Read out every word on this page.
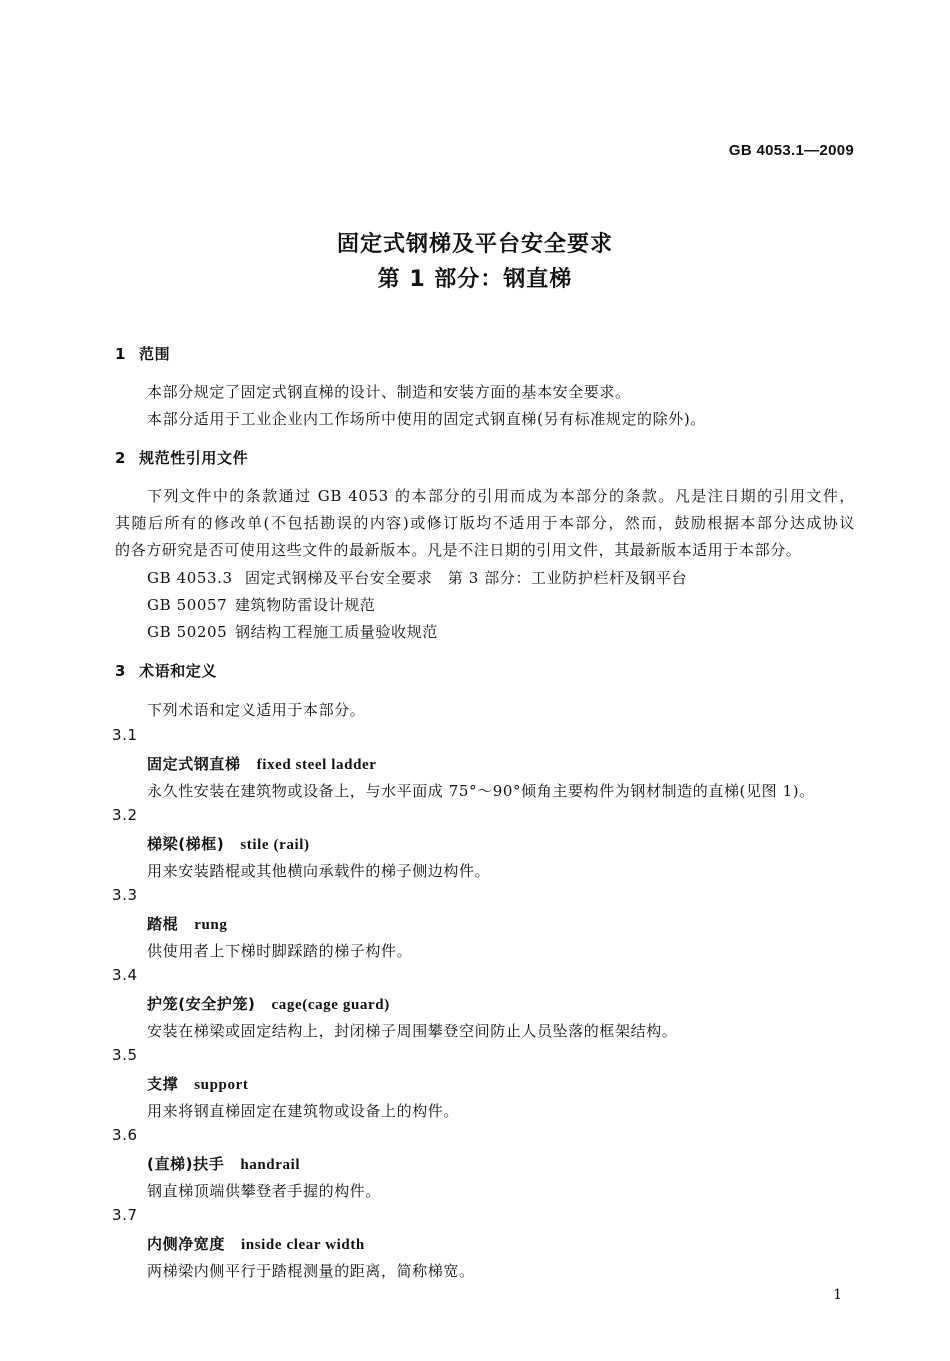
GB 4053.1—2009
固定式钢梯及平台安全要求
第 1 部分：钢直梯
1 范围
本部分规定了固定式钢直梯的设计、制造和安装方面的基本安全要求。
本部分适用于工业企业内工作场所中使用的固定式钢直梯(另有标准规定的除外)。
2 规范性引用文件
下列文件中的条款通过 GB 4053 的本部分的引用而成为本部分的条款。凡是注日期的引用文件，
其随后所有的修改单(不包括勘误的内容)或修订版均不适用于本部分，然而，鼓励根据本部分达成协议
的各方研究是否可使用这些文件的最新版本。凡是不注日期的引用文件，其最新版本适用于本部分。
GB 4053.3 固定式钢梯及平台安全要求　第 3 部分：工业防护栏杆及钢平台
GB 50057 建筑物防雷设计规范
GB 50205 钢结构工程施工质量验收规范
3 术语和定义
下列术语和定义适用于本部分。
3.1
固定式钢直梯 fixed steel ladder
永久性安装在建筑物或设备上，与水平面成 75°～90°倾角主要构件为钢材制造的直梯(见图 1)。
3.2
梯梁(梯框) stile (rail)
用来安装踏棍或其他横向承载件的梯子侧边构件。
3.3
踏棍 rung
供使用者上下梯时脚踩踏的梯子构件。
3.4
护笼(安全护笼) cage(cage guard)
安装在梯梁或固定结构上，封闭梯子周围攀登空间防止人员坠落的框架结构。
3.5
支撑 support
用来将钢直梯固定在建筑物或设备上的构件。
3.6
(直梯)扶手 handrail
钢直梯顶端供攀登者手握的构件。
3.7
内侧净宽度 inside clear width
两梯梁内侧平行于踏棍测量的距离，简称梯宽。
1
